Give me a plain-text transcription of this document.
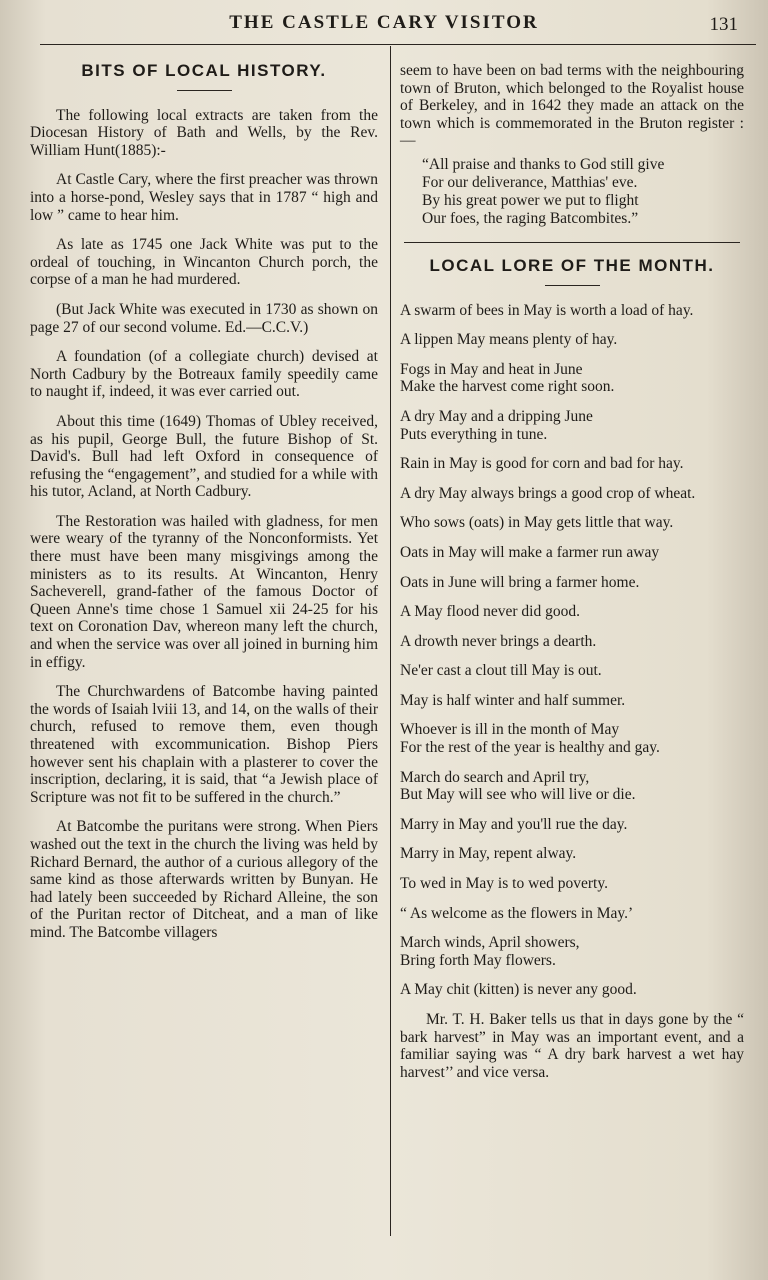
THE CASTLE CARY VISITOR	131
BITS OF LOCAL HISTORY.

The following local extracts are taken from the Diocesan History of Bath and Wells, by the Rev. William Hunt(1885):-

At Castle Cary, where the first preacher was thrown into a horse-pond, Wesley says that in 1787 “ high and low ” came to hear him.

As late as 1745 one Jack White was put to the ordeal of touching, in Wincanton Church porch, the corpse of a man he had murdered.

(But Jack White was executed in 1730 as shown on page 27 of our second volume. Ed.—C.C.V.)

A foundation (of a collegiate church) devised at North Cadbury by the Botreaux family speedily came to naught if, indeed, it was ever carried out.

About this time (1649) Thomas of Ubley received, as his pupil, George Bull, the future Bishop of St. David's. Bull had left Oxford in consequence of refusing the “engagement”, and studied for a while with his tutor, Acland, at North Cadbury.

The Restoration was hailed with gladness, for men were weary of the tyranny of the Nonconformists. Yet there must have been many misgivings among the ministers as to its results. At Wincanton, Henry Sacheverell, grand-father of the famous Doctor of Queen Anne's time chose 1 Samuel xii 24-25 for his text on Coronation Dav, whereon many left the church, and when the service was over all joined in burning him in effigy.

The Churchwardens of Batcombe having painted the words of Isaiah lviii 13, and 14, on the walls of their church, refused to remove them, even though threatened with excommunication. Bishop Piers however sent his chaplain with a plasterer to cover the inscription, declaring, it is said, that “a Jewish place of Scripture was not fit to be suffered in the church.”

At Batcombe the puritans were strong. When Piers washed out the text in the church the living was held by Richard Bernard, the author of a curious allegory of the same kind as those afterwards written by Bunyan. He had lately been succeeded by Richard Alleine, the son of the Puritan rector of Ditcheat, and a man of like mind. The Batcombe villagers

seem to have been on bad terms with the neighbouring town of Bruton, which belonged to the Royalist house of Berkeley, and in 1642 they made an attack on the town which is commemorated in the Bruton register :—

“All praise and thanks to God still give
For our deliverance, Matthias' eve.
By his great power we put to flight
Our foes, the raging Batcombites.”
LOCAL LORE OF THE MONTH.
A swarm of bees in May is worth a load of hay.
A lippen May means plenty of hay.
Fogs in May and heat in June
Make the harvest come right soon.
A dry May and a dripping June
Puts everything in tune.
Rain in May is good for corn and bad for hay.
A dry May always brings a good crop of wheat.
Who sows (oats) in May gets little that way.
Oats in May will make a farmer run away
Oats in June will bring a farmer home.
A May flood never did good.
A drowth never brings a dearth.
Ne'er cast a clout till May is out.
May is half winter and half summer.
Whoever is ill in the month of May
For the rest of the year is healthy and gay.
March do search and April try,
But May will see who will live or die.
Marry in May and you'll rue the day.
Marry in May, repent alway.
To wed in May is to wed poverty.
“ As welcome as the flowers in May.’
March winds, April showers,
Bring forth May flowers.
A May chit (kitten) is never any good.

Mr. T. H. Baker tells us that in days gone by the “ bark harvest” in May was an important event, and a familiar saying was “ A dry bark harvest a wet hay harvest’’ and vice versa.
